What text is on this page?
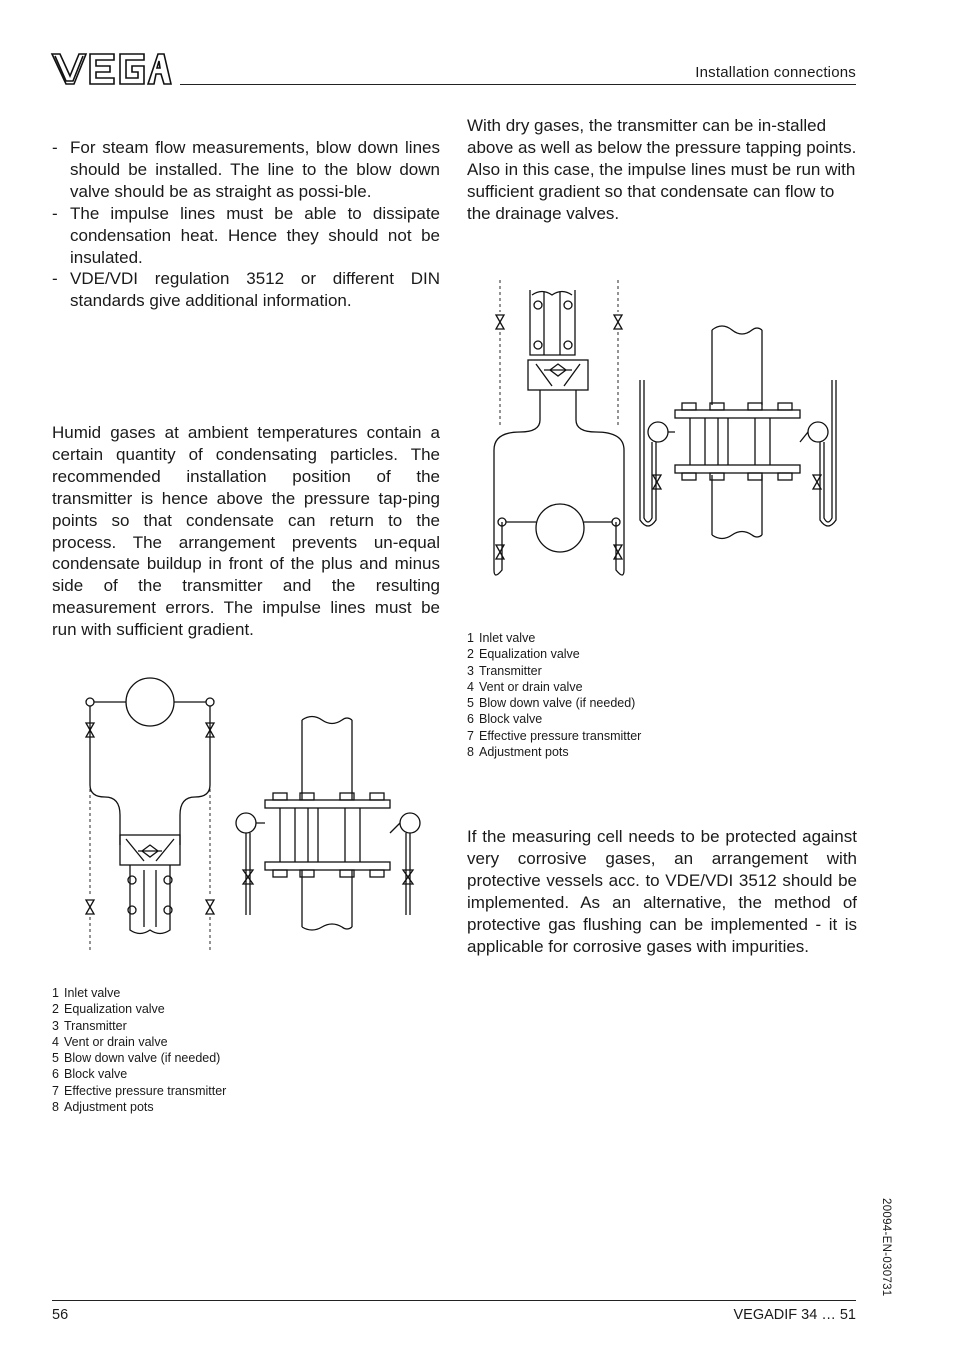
Installation connections
- For steam flow measurements, blow down lines should be installed. The line to the blow down valve should be as straight as possi-ble.
- The impulse lines must be able to dissipate condensation heat. Hence they should not be insulated.
- VDE/VDI regulation 3512 or different DIN standards give additional information.

Humid gases at ambient temperatures contain a certain quantity of condensating particles. The recommended installation position of the transmitter is hence above the pressure tap-ping points so that condensate can return to the process. The arrangement prevents un-equal condensate buildup in front of the plus and minus side of the transmitter and the resulting measurement errors. The impulse lines must be run with sufficient gradient.

1 Inlet valve
2 Equalization valve
3 Transmitter
4 Vent or drain valve
5 Blow down valve (if needed)
6 Block valve
7 Effective pressure transmitter
8 Adjustment pots

With dry gases, the transmitter can be in-stalled above as well as below the pressure tapping points. Also in this case, the impulse lines must be run with sufficient gradient so that condensate can flow to the drainage valves.

1 Inlet valve
2 Equalization valve
3 Transmitter
4 Vent or drain valve
5 Blow down valve (if needed)
6 Block valve
7 Effective pressure transmitter
8 Adjustment pots

If the measuring cell needs to be protected against very corrosive gases, an arrangement with protective vessels acc. to VDE/VDI 3512 should be implemented. As an alternative, the method of protective gas flushing can be implemented - it is applicable for corrosive gases with impurities.

20094-EN-030731
56	VEGADIF 34 … 51
